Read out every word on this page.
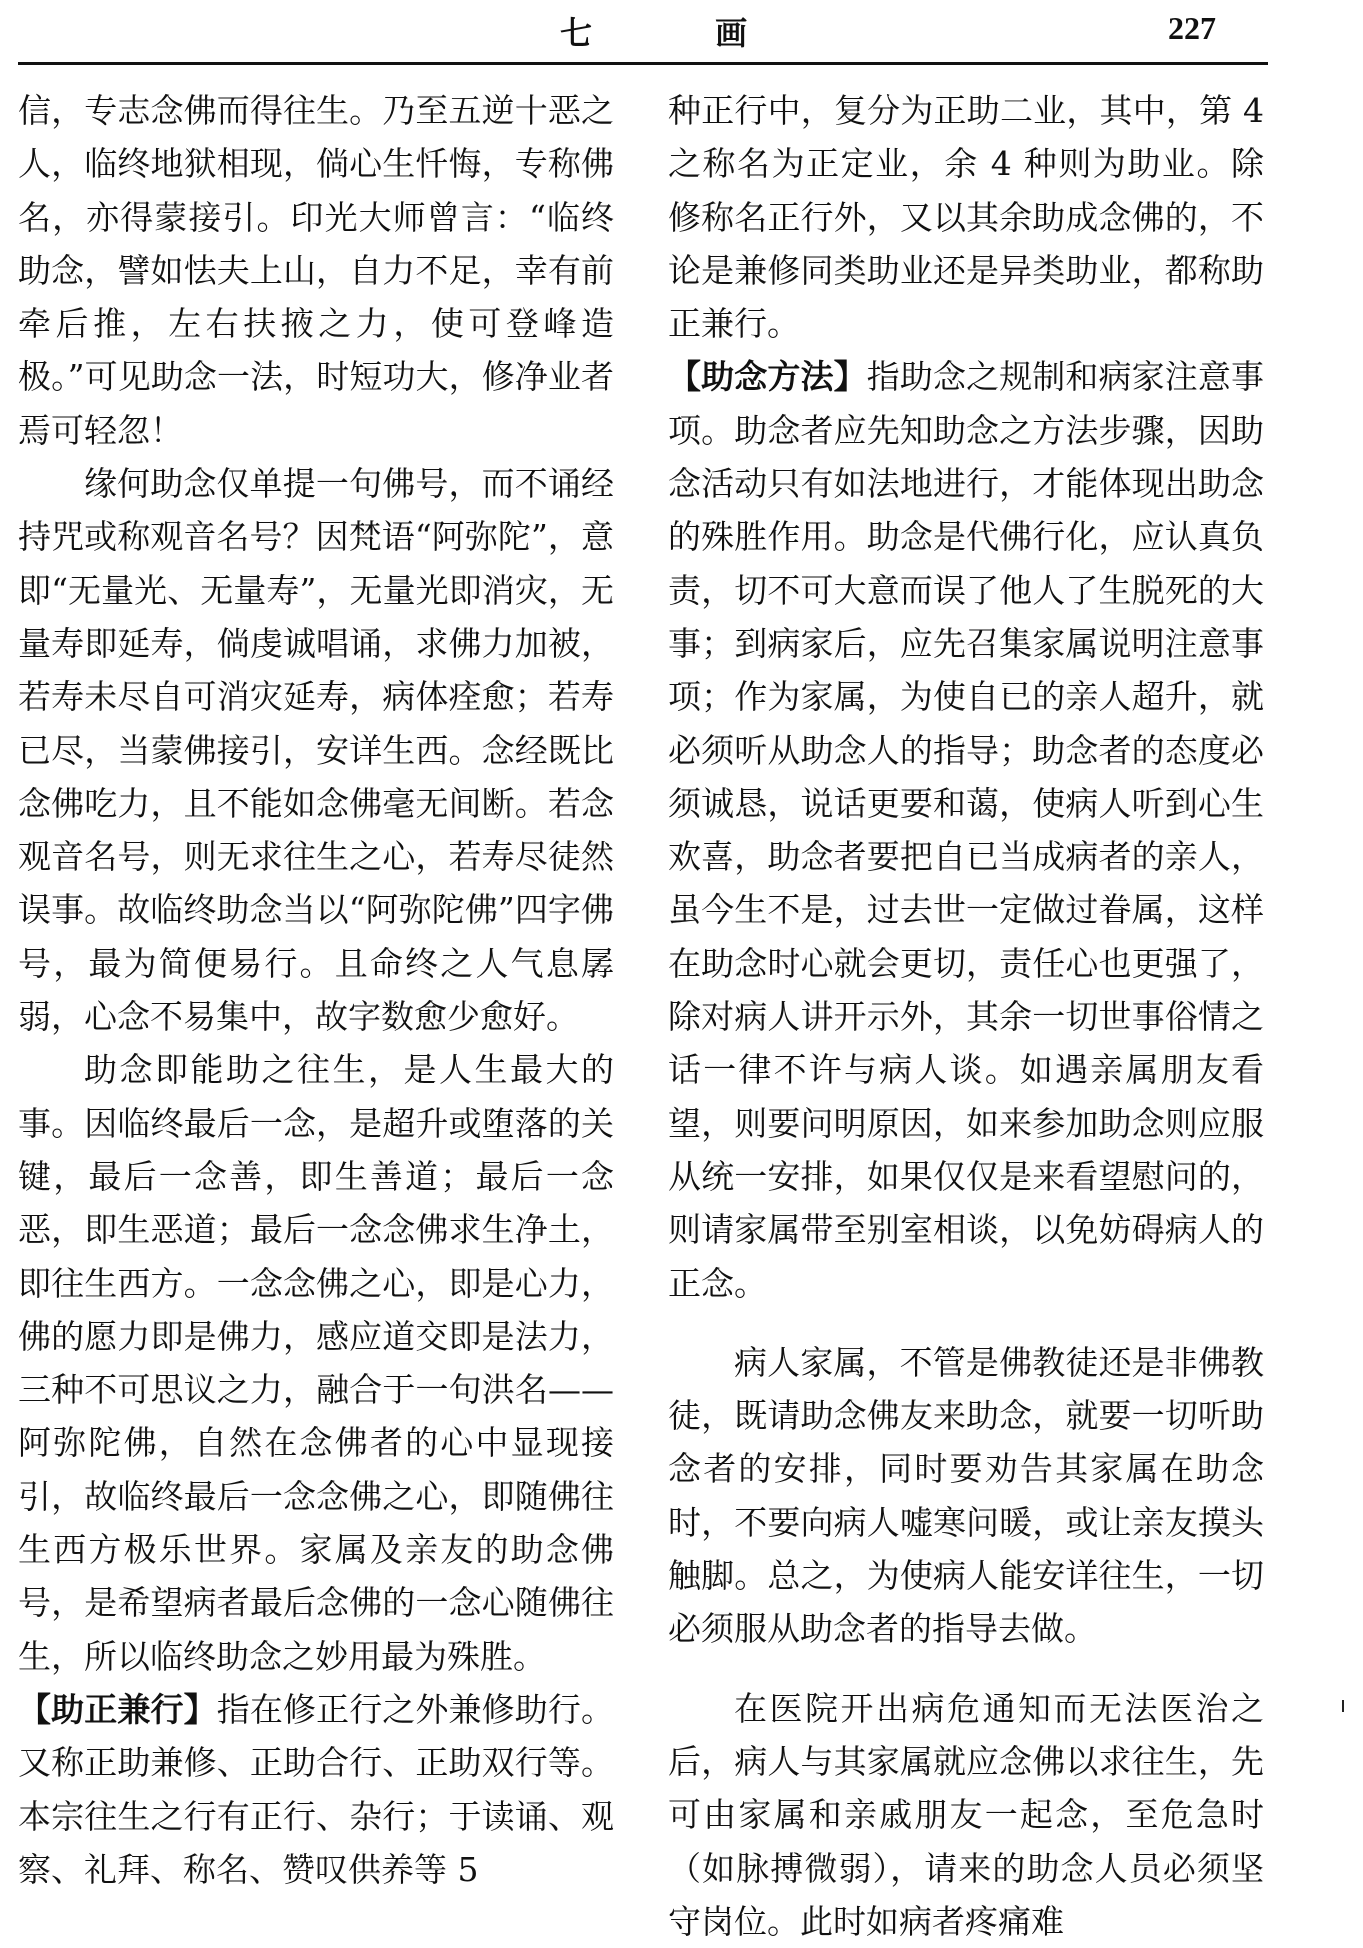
七 画	227

信，专志念佛而得往生。乃至五逆十恶之人，临终地狱相现，倘心生忏悔，专称佛名，亦得蒙接引。印光大师曾言：“临终助念，譬如怯夫上山，自力不足，幸有前牵后推，左右扶掖之力，使可登峰造极。”可见助念一法，时短功大，修净业者焉可轻忽！

缘何助念仅单提一句佛号，而不诵经持咒或称观音名号？因梵语“阿弥陀”，意即“无量光、无量寿”，无量光即消灾，无量寿即延寿，倘虔诚唱诵，求佛力加被，若寿未尽自可消灾延寿，病体痊愈；若寿已尽，当蒙佛接引，安详生西。念经既比念佛吃力，且不能如念佛毫无间断。若念观音名号，则无求往生之心，若寿尽徒然误事。故临终助念当以“阿弥陀佛”四字佛号，最为简便易行。且命终之人气息孱弱，心念不易集中，故字数愈少愈好。

助念即能助之往生，是人生最大的事。因临终最后一念，是超升或堕落的关键，最后一念善，即生善道；最后一念恶，即生恶道；最后一念念佛求生净土，即往生西方。一念念佛之心，即是心力，佛的愿力即是佛力，感应道交即是法力，三种不可思议之力，融合于一句洪名——阿弥陀佛，自然在念佛者的心中显现接引，故临终最后一念念佛之心，即随佛往生西方极乐世界。家属及亲友的助念佛号，是希望病者最后念佛的一念心随佛往生，所以临终助念之妙用最为殊胜。

【助正兼行】指在修正行之外兼修助行。又称正助兼修、正助合行、正助双行等。本宗往生之行有正行、杂行；于读诵、观察、礼拜、称名、赞叹供养等 5

种正行中，复分为正助二业，其中，第 4 之称名为正定业，余 4 种则为助业。除修称名正行外，又以其余助成念佛的，不论是兼修同类助业还是异类助业，都称助正兼行。

【助念方法】指助念之规制和病家注意事项。助念者应先知助念之方法步骤，因助念活动只有如法地进行，才能体现出助念的殊胜作用。助念是代佛行化，应认真负责，切不可大意而误了他人了生脱死的大事；到病家后，应先召集家属说明注意事项；作为家属，为使自已的亲人超升，就必须听从助念人的指导；助念者的态度必须诚恳，说话更要和蔼，使病人听到心生欢喜，助念者要把自已当成病者的亲人，虽今生不是，过去世一定做过眷属，这样在助念时心就会更切，责任心也更强了，除对病人讲开示外，其余一切世事俗情之话一律不许与病人谈。如遇亲属朋友看望，则要问明原因，如来参加助念则应服从统一安排，如果仅仅是来看望慰问的，则请家属带至别室相谈，以免妨碍病人的正念。

病人家属，不管是佛教徒还是非佛教徒，既请助念佛友来助念，就要一切听助念者的安排，同时要劝告其家属在助念时，不要向病人嘘寒问暖，或让亲友摸头触脚。总之，为使病人能安详往生，一切必须服从助念者的指导去做。

在医院开出病危通知而无法医治之后，病人与其家属就应念佛以求往生，先可由家属和亲戚朋友一起念，至危急时（如脉搏微弱），请来的助念人员必须坚守岗位。此时如病者疼痛难
